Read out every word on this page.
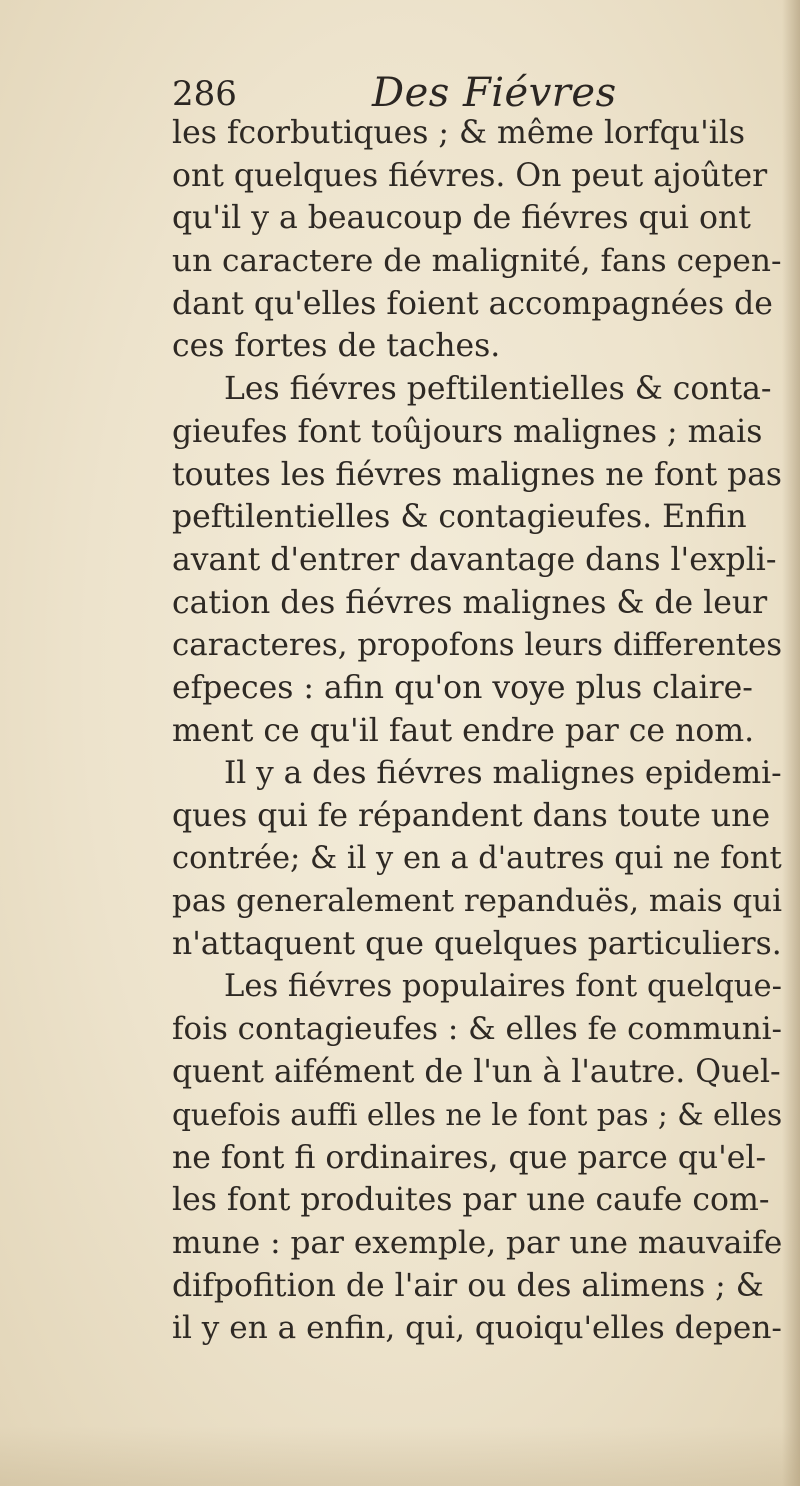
286	Des Fiévres
les fcorbutiques ; & même lorfqu'ils
ont quelques fiévres. On peut ajoûter
qu'il y a beaucoup de fiévres qui ont
un caractere de malignité, fans cepen-
dant qu'elles foient accompagnées de
ces fortes de taches.
Les fiévres peftilentielles & conta-
gieufes font toûjours malignes ; mais
toutes les fiévres malignes ne font pas
peftilentielles & contagieufes. Enfin
avant d'entrer davantage dans l'expli-
cation des fiévres malignes & de leur
caracteres, propofons leurs differentes
efpeces : afin qu'on voye plus claire-
ment ce qu'il faut endre par ce nom.
Il y a des fiévres malignes epidemi-
ques qui fe répandent dans toute une
contrée; & il y en a d'autres qui ne font
pas generalement repanduës, mais qui
n'attaquent que quelques particuliers.
Les fiévres populaires font quelque-
fois contagieufes : & elles fe communi-
quent aifément de l'un à l'autre. Quel-
quefois auffi elles ne le font pas ; & elles
ne font fi ordinaires, que parce qu'el-
les font produites par une caufe com-
mune : par exemple, par une mauvaife
difpofition de l'air ou des alimens ; &
il y en a enfin, qui, quoiqu'elles depen-
